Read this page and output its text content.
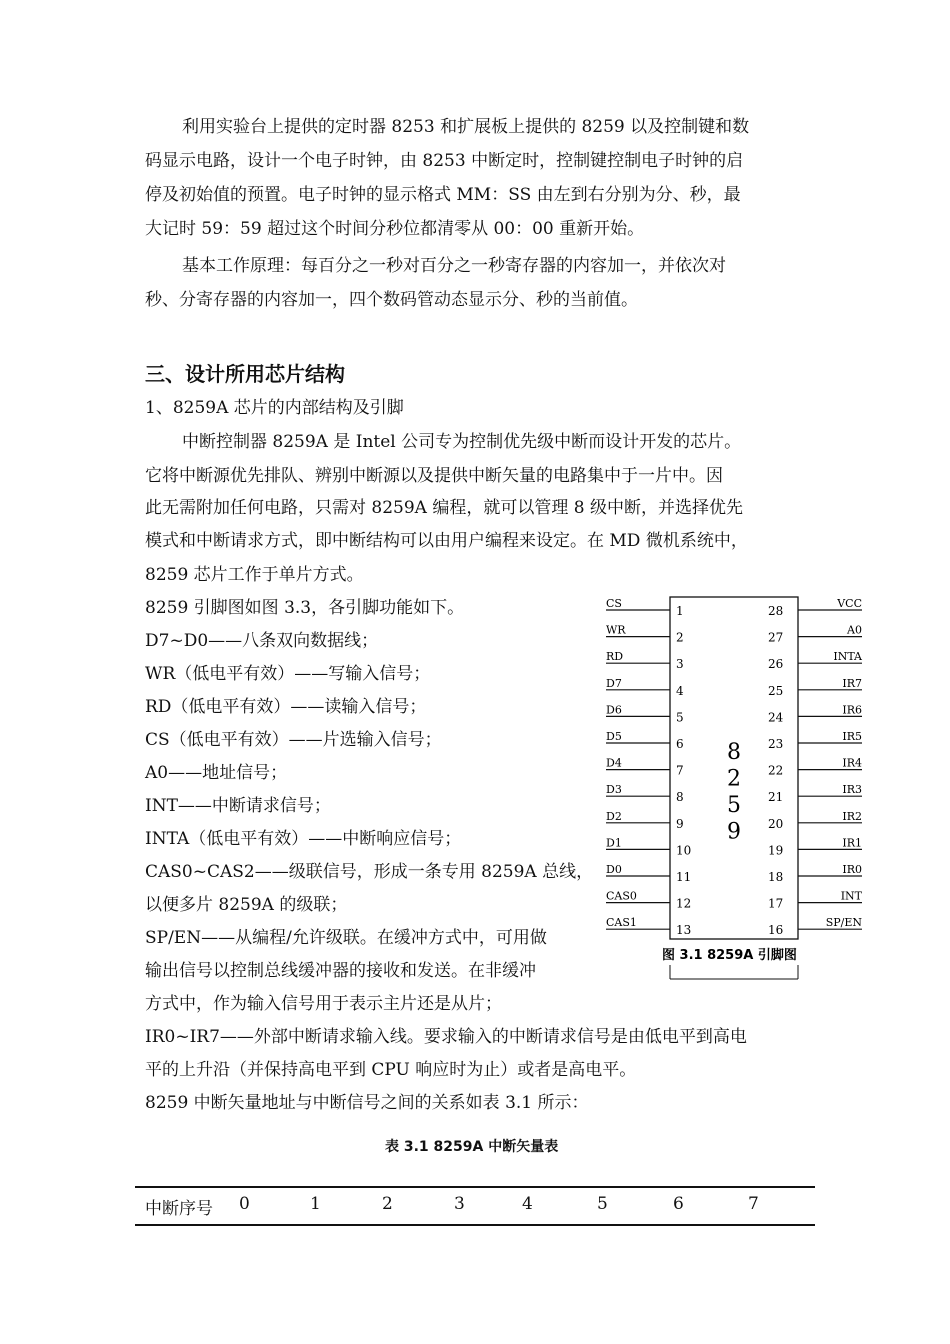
利用实验台上提供的定时器 8253 和扩展板上提供的 8259 以及控制键和数
码显示电路，设计一个电子时钟，由 8253 中断定时，控制键控制电子时钟的启
停及初始值的预置。电子时钟的显示格式 MM：SS 由左到右分别为分、秒，最
大记时 59：59 超过这个时间分秒位都清零从 00：00 重新开始。
基本工作原理：每百分之一秒对百分之一秒寄存器的内容加一，并依次对
秒、分寄存器的内容加一，四个数码管动态显示分、秒的当前值。
三、设计所用芯片结构
1、8259A 芯片的内部结构及引脚
中断控制器 8259A 是 Intel 公司专为控制优先级中断而设计开发的芯片。
它将中断源优先排队、辨别中断源以及提供中断矢量的电路集中于一片中。因
此无需附加任何电路，只需对 8259A 编程，就可以管理 8 级中断，并选择优先
模式和中断请求方式，即中断结构可以由用户编程来设定。在 MD 微机系统中，
8259 芯片工作于单片方式。
8259 引脚图如图 3.3，各引脚功能如下。
D7~D0——八条双向数据线；
WR（低电平有效）——写输入信号；
RD（低电平有效）——读输入信号；
CS（低电平有效）——片选输入信号；
A0——地址信号；
INT——中断请求信号；
INTA（低电平有效）——中断响应信号；
CAS0~CAS2——级联信号，形成一条专用 8259A 总线，
以便多片 8259A 的级联；
SP/EN——从编程/允许级联。在缓冲方式中，可用做
输出信号以控制总线缓冲器的接收和发送。在非缓冲
方式中，作为输入信号用于表示主片还是从片；
IR0~IR7——外部中断请求输入线。要求输入的中断请求信号是由低电平到高电
平的上升沿（并保持高电平到 CPU 响应时为止）或者是高电平。
8259 中断矢量地址与中断信号之间的关系如表 3.1 所示：
CS
1
WR
2
RD
3
D7
4
D6
5
D5
6
D4
7
D3
8
D2
9
D1
10
D0
11
CAS0
12
CAS1
13
VCC
28
A0
27
INTA
26
IR7
25
IR6
24
IR5
23
IR4
22
IR3
21
IR2
20
IR1
19
IR0
18
INT
17
SP/EN
16
8
2
5
9
图 3.1 8259A 引脚图
表 3.1 8259A 中断矢量表
中断序号 0	1	2	3	4	5	6	7
